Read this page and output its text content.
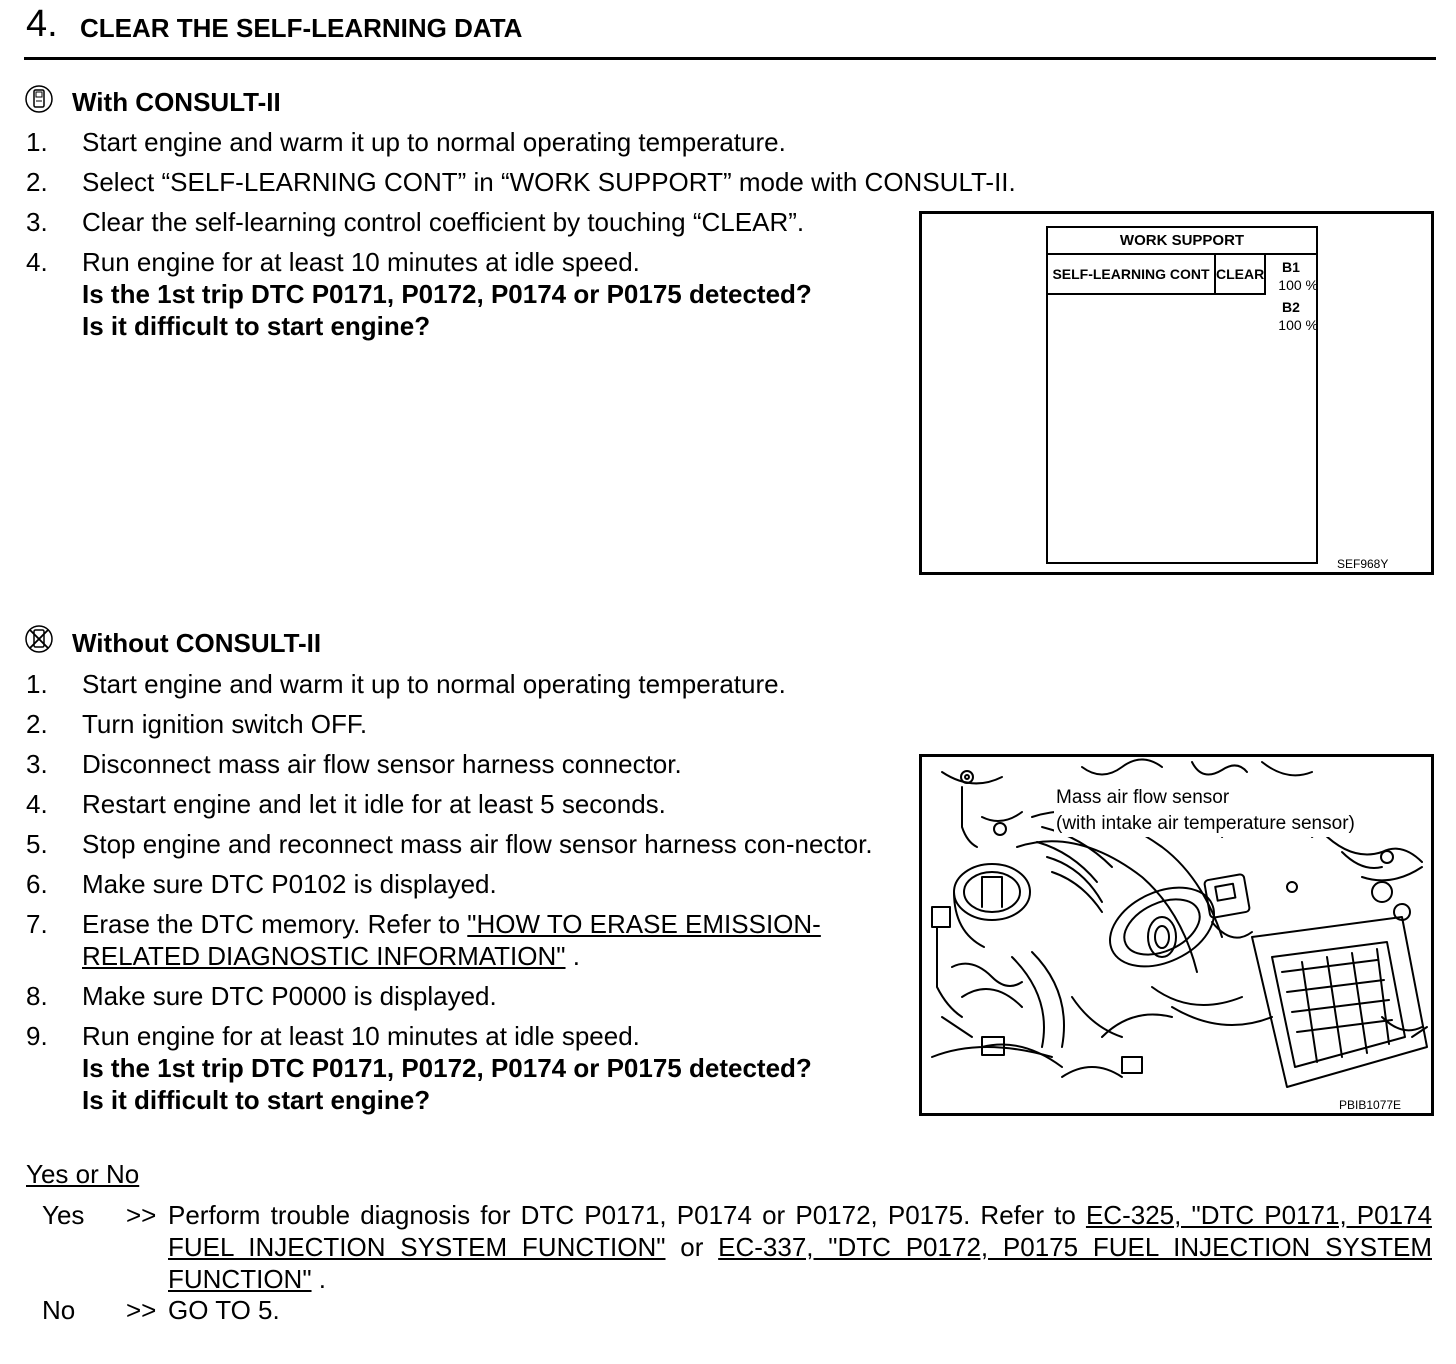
4. CLEAR THE SELF-LEARNING DATA
With CONSULT-II
1.	Start engine and warm it up to normal operating temperature.
2.	Select “SELF-LEARNING CONT” in “WORK SUPPORT” mode with CONSULT-II.
3.	Clear the self-learning control coefficient by touching “CLEAR”.
4.	Run engine for at least 10 minutes at idle speed.
Is the 1st trip DTC P0171, P0172, P0174 or P0175 detected?
Is it difficult to start engine?
WORK SUPPORT
SELF-LEARNING CONT CLEAR	B1
100 %
B2
100 %
SEF968Y
Without CONSULT-II
1.	Start engine and warm it up to normal operating temperature.
2.	Turn ignition switch OFF.
3.	Disconnect mass air flow sensor harness connector.
4.	Restart engine and let it idle for at least 5 seconds.
5.	Stop engine and reconnect mass air flow sensor harness con-nector.
6.	Make sure DTC P0102 is displayed.
7.	Erase the DTC memory. Refer to "HOW TO ERASE EMISSION-RELATED DIAGNOSTIC INFORMATION" .
8.	Make sure DTC P0000 is displayed.
9.	Run engine for at least 10 minutes at idle speed.
Is the 1st trip DTC P0171, P0172, P0174 or P0175 detected?
Is it difficult to start engine?
Mass air flow sensor
(with intake air temperature sensor)
PBIB1077E
Yes or No
Yes	>> Perform trouble diagnosis for DTC P0171, P0174 or P0172, P0175. Refer to EC-325, "DTC P0171, P0174 FUEL INJECTION SYSTEM FUNCTION" or EC-337, "DTC P0172, P0175 FUEL INJECTION SYSTEM FUNCTION" .
No	>> GO TO 5.
